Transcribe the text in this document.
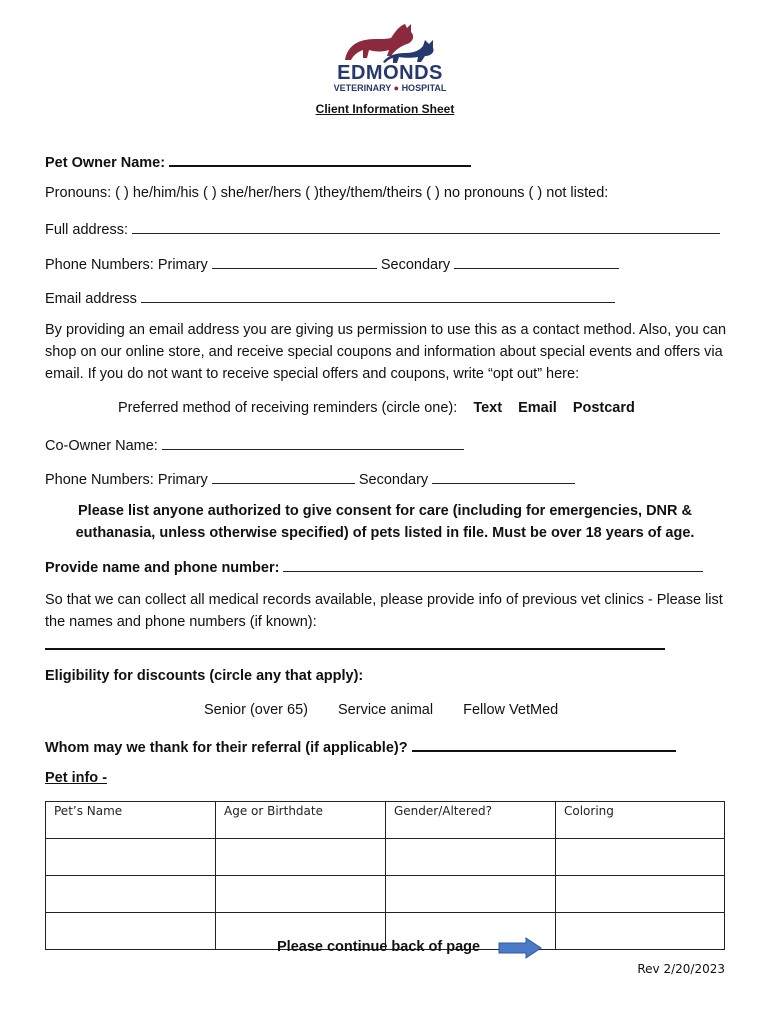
EDMONDS
VETERINARY ● HOSPITAL
Client Information Sheet
Pet Owner Name:
Pronouns: ( ) he/him/his ( ) she/her/hers ( )they/them/theirs ( ) no pronouns ( ) not listed:
Full address:
Phone Numbers: Primary	Secondary
Email address
By providing an email address you are giving us permission to use this as a contact method. Also, you can shop on our online store, and receive special coupons and information about special events and offers via email. If you do not want to receive special offers and coupons, write “opt out” here:
Preferred method of receiving reminders (circle one): Text Email Postcard
Co-Owner Name:
Phone Numbers: Primary	Secondary
Please list anyone authorized to give consent for care (including for emergencies, DNR & euthanasia, unless otherwise specified) of pets listed in file. Must be over 18 years of age.
Provide name and phone number:
So that we can collect all medical records available, please provide info of previous vet clinics - Please list the names and phone numbers (if known):
Eligibility for discounts (circle any that apply):
Senior (over 65) Service animal Fellow VetMed
Whom may we thank for their referral (if applicable)?
Pet info -
Pet’s Name	Age or Birthdate	Gender/Altered?	Coloring

Please continue back of page
Rev 2/20/2023
